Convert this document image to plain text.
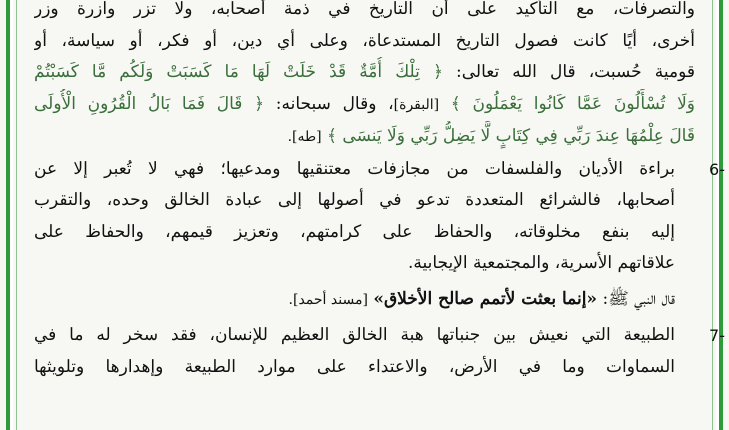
والتصرفات، مع التأكيد على أن التاريخ في ذمة أصحابه، ولا تزر وازرة وزر
أخرى، أيًا كانت فصول التاريخ المستدعاة، وعلى أي دين، أو فكر، أو سياسة، أو
قومية حُسبت، قال الله تعالى: ﴿ تِلْكَ أُمَّةٌ قَدْ خَلَتْ لَهَا مَا كَسَبَتْ وَلَكُم مَّا كَسَبْتُمْ
وَلَا تُسْأَلُونَ عَمَّا كَانُوا يَعْمَلُونَ ﴾ [البقرة]، وقال سبحانه: ﴿ قَالَ فَمَا بَالُ الْقُرُونِ الْأُولَى
قَالَ عِلْمُهَا عِندَ رَبِّي فِي كِتَابٍ لَّا يَضِلُّ رَبِّي وَلَا يَنسَى ﴾ [طه].
6-
براءة الأديان والفلسفات من مجازفات معتنقيها ومدعيها؛ فهي لا تُعبر إلا عن
أصحابها، فالشرائع المتعددة تدعو في أصولها إلى عبادة الخالق وحده، والتقرب
إليه بنفع مخلوقاته، والحفاظ على كرامتهم، وتعزيز قيمهم، والحفاظ على
علاقاتهم الأسرية، والمجتمعية الإيجابية.
قال النبي ﷺ: «إنما بعثت لأتمم صالح الأخلاق» [مسند أحمد].
7-
الطبيعة التي نعيش بين جنباتها هبة الخالق العظيم للإنسان، فقد سخر له ما في
السماوات وما في الأرض، والاعتداء على موارد الطبيعة وإهدارها وتلويثها
